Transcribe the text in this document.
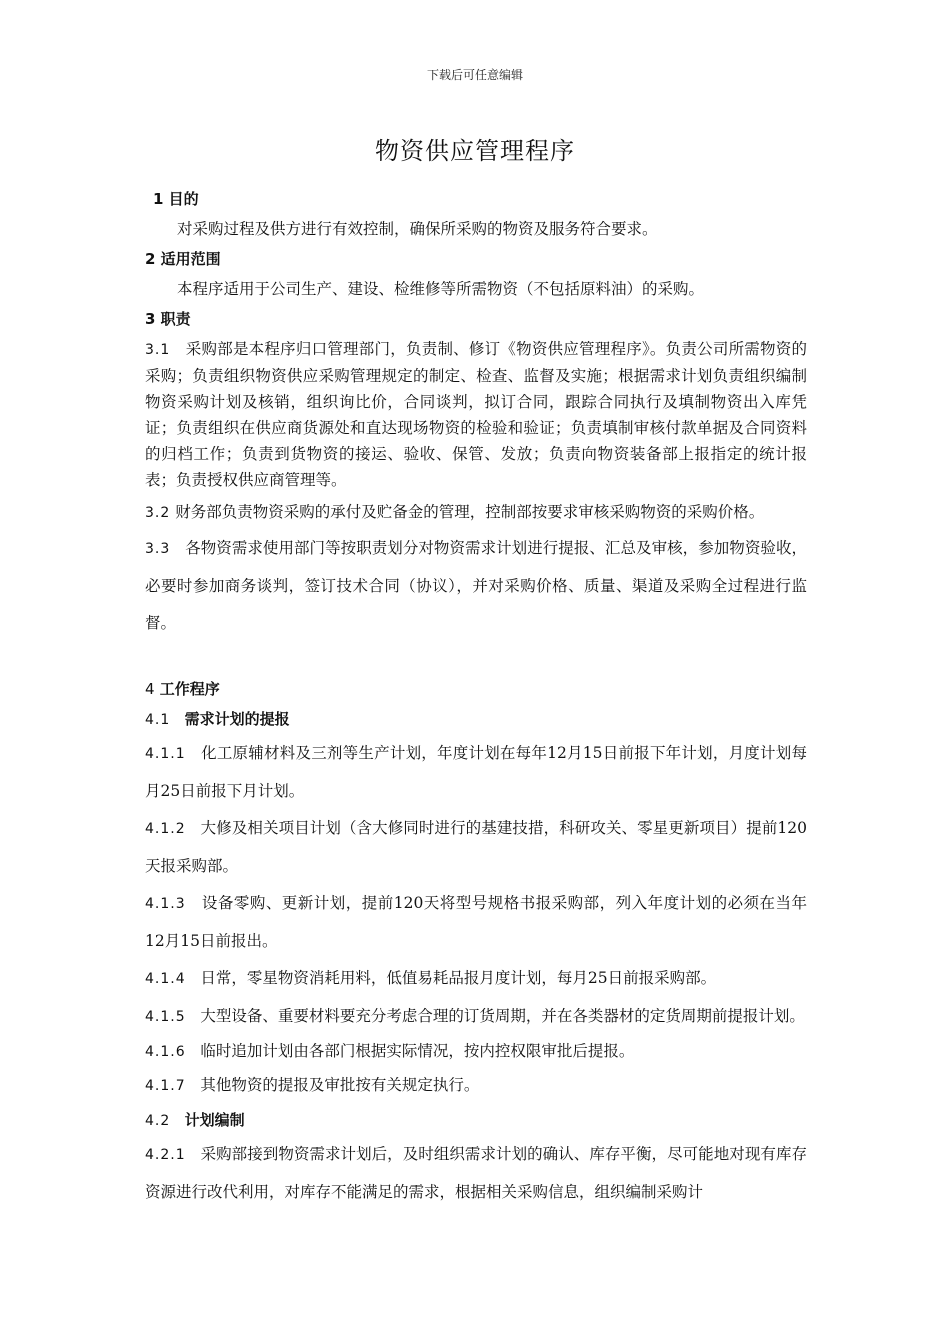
下载后可任意编辑
物资供应管理程序

1 目的

对采购过程及供方进行有效控制，确保所采购的物资及服务符合要求。

2 适用范围

本程序适用于公司生产、建设、检维修等所需物资（不包括原料油）的采购。

3 职责

3.1 采购部是本程序归口管理部门，负责制、修订《物资供应管理程序》。负责公司所需物资的采购；负责组织物资供应采购管理规定的制定、检查、监督及实施；根据需求计划负责组织编制物资采购计划及核销，组织询比价，合同谈判，拟订合同，跟踪合同执行及填制物资出入库凭证；负责组织在供应商货源处和直达现场物资的检验和验证；负责填制审核付款单据及合同资料的归档工作；负责到货物资的接运、验收、保管、发放；负责向物资装备部上报指定的统计报表；负责授权供应商管理等。

3.2 财务部负责物资采购的承付及贮备金的管理，控制部按要求审核采购物资的采购价格。

3.3 各物资需求使用部门等按职责划分对物资需求计划进行提报、汇总及审核，参加物资验收，必要时参加商务谈判，签订技术合同（协议），并对采购价格、质量、渠道及采购全过程进行监督。

4 工作程序

4.1 需求计划的提报

4.1.1 化工原辅材料及三剂等生产计划，年度计划在每年12月15日前报下年计划，月度计划每月25日前报下月计划。

4.1.2 大修及相关项目计划（含大修同时进行的基建技措，科研攻关、零星更新项目）提前120天报采购部。

4.1.3 设备零购、更新计划，提前120天将型号规格书报采购部，列入年度计划的必须在当年12月15日前报出。

4.1.4 日常，零星物资消耗用料，低值易耗品报月度计划，每月25日前报采购部。

4.1.5 大型设备、重要材料要充分考虑合理的订货周期，并在各类器材的定货周期前提报计划。

4.1.6 临时追加计划由各部门根据实际情况，按内控权限审批后提报。

4.1.7 其他物资的提报及审批按有关规定执行。

4.2 计划编制

4.2.1 采购部接到物资需求计划后，及时组织需求计划的确认、库存平衡，尽可能地对现有库存资源进行改代利用，对库存不能满足的需求，根据相关采购信息，组织编制采购计
